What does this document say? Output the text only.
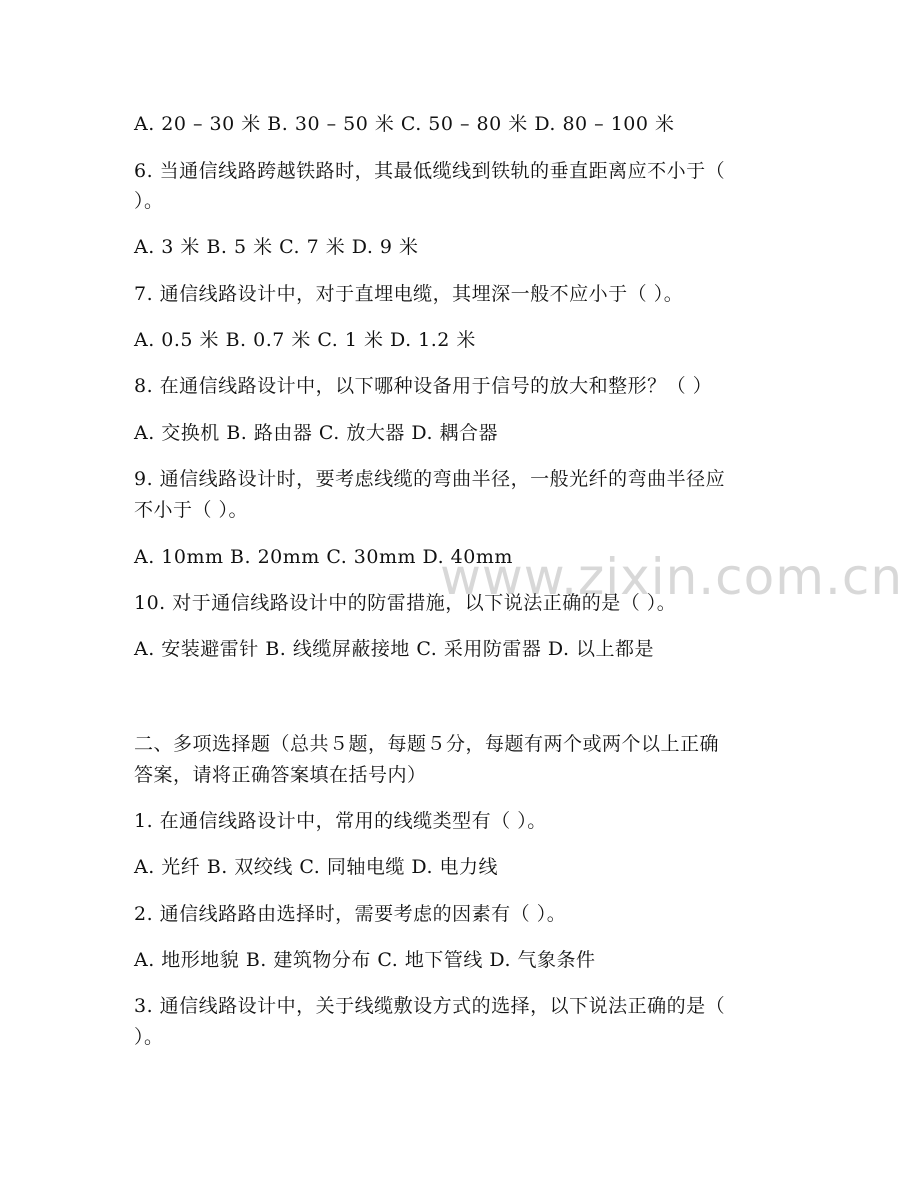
www.zixin.com.cn
A. 20 – 30 米 B. 30 – 50 米 C. 50 – 80 米 D. 80 – 100 米
6. 当通信线路跨越铁路时，其最低缆线到铁轨的垂直距离应不小于（
）。
A. 3 米 B. 5 米 C. 7 米 D. 9 米
7. 通信线路设计中，对于直埋电缆，其埋深一般不应小于（ ）。
A. 0.5 米 B. 0.7 米 C. 1 米 D. 1.2 米
8. 在通信线路设计中，以下哪种设备用于信号的放大和整形？（ ）
A. 交换机 B. 路由器 C. 放大器 D. 耦合器
9. 通信线路设计时，要考虑线缆的弯曲半径，一般光纤的弯曲半径应
不小于（ ）。
A. 10mm B. 20mm C. 30mm D. 40mm
10. 对于通信线路设计中的防雷措施，以下说法正确的是（ ）。
A. 安装避雷针 B. 线缆屏蔽接地 C. 采用防雷器 D. 以上都是
二、多项选择题（总共５题，每题５分，每题有两个或两个以上正确
答案，请将正确答案填在括号内）
1. 在通信线路设计中，常用的线缆类型有（ ）。
A. 光纤 B. 双绞线 C. 同轴电缆 D. 电力线
2. 通信线路路由选择时，需要考虑的因素有（ ）。
A. 地形地貌 B. 建筑物分布 C. 地下管线 D. 气象条件
3. 通信线路设计中，关于线缆敷设方式的选择，以下说法正确的是（
）。
